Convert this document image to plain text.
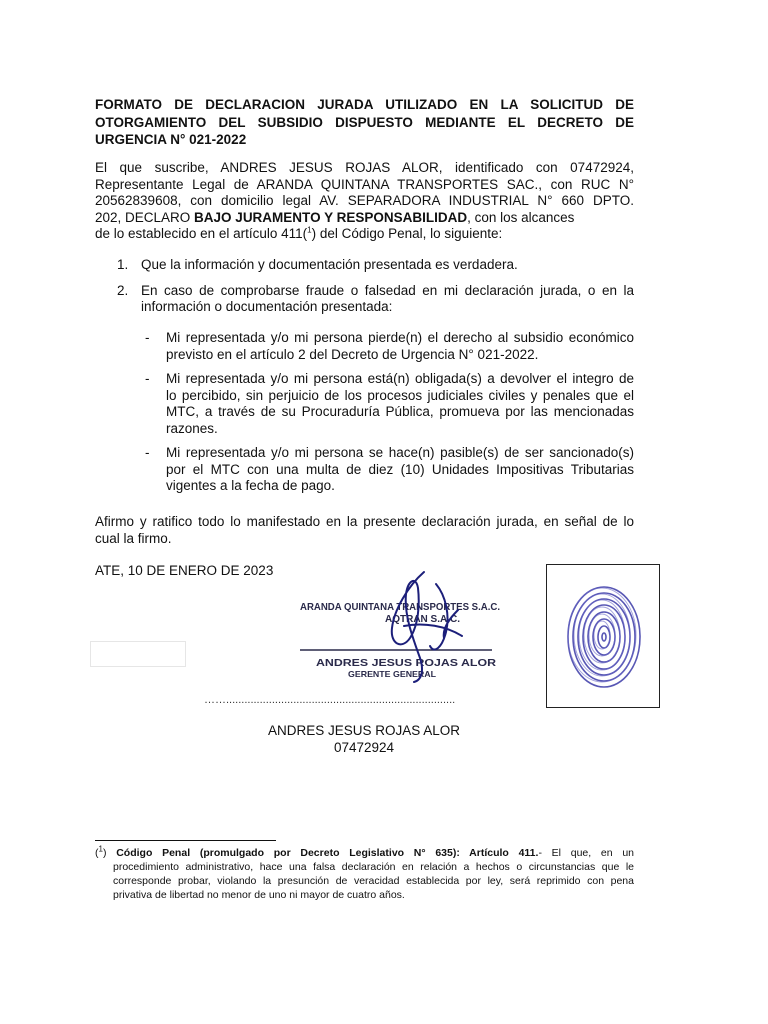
FORMATO DE DECLARACION JURADA UTILIZADO EN LA SOLICITUD DE
OTORGAMIENTO DEL SUBSIDIO DISPUESTO MEDIANTE EL DECRETO DE
URGENCIA N° 021-2022
El que suscribe, ANDRES JESUS ROJAS ALOR, identificado con 07472924,
Representante Legal de ARANDA QUINTANA TRANSPORTES SAC., con RUC N°
20562839608, con domicilio legal AV. SEPARADORA INDUSTRIAL N° 660 DPTO.
202, DECLARO BAJO JURAMENTO Y RESPONSABILIDAD, con los alcances
de lo establecido en el artículo 411($^1$) del Código Penal, lo siguiente:
1. Que la información y documentación presentada es verdadera.
2. En caso de comprobarse fraude o falsedad en mi declaración jurada, o en la
información o documentación presentada:
- Mi representada y/o mi persona pierde(n) el derecho al subsidio económico
previsto en el artículo 2 del Decreto de Urgencia N° 021-2022.
- Mi representada y/o mi persona está(n) obligada(s) a devolver el integro de
lo percibido, sin perjuicio de los procesos judiciales civiles y penales que el
MTC, a través de su Procuraduría Pública, promueva por las mencionadas
razones.
- Mi representada y/o mi persona se hace(n) pasible(s) de ser sancionado(s)
por el MTC con una multa de diez (10) Unidades Impositivas Tributarias
vigentes a la fecha de pago.
Afirmo y ratifico todo lo manifestado en la presente declaración jurada, en señal de lo
cual la firmo.
ATE, 10 DE ENERO DE 2023
ARANDA QUINTANA TRANSPORTES S.A.C.
AQTRAN S.A.C.
ANDRES JESUS ROJAS ALOR
GERENTE GENERAL
……...........................................................................
ANDRES JESUS ROJAS ALOR
07472924
($^1$) Código Penal (promulgado por Decreto Legislativo N° 635): Artículo 411.- El que, en un
procedimiento administrativo, hace una falsa declaración en relación a hechos o circunstancias que le
corresponde probar, violando la presunción de veracidad establecida por ley, será reprimido con pena
privativa de libertad no menor de uno ni mayor de cuatro años.
